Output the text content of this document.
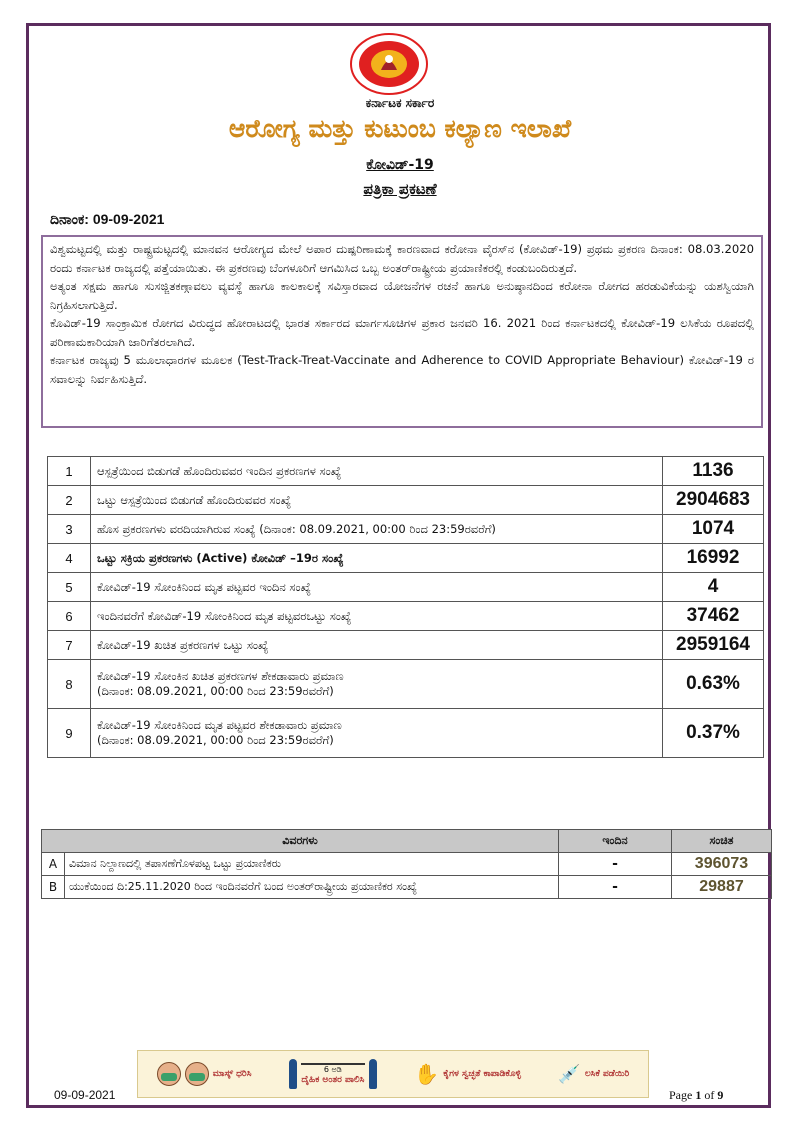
ಕರ್ನಾಟಕ ಸರ್ಕಾರ
ಆರೋಗ್ಯ ಮತ್ತು ಕುಟುಂಬ ಕಲ್ಯಾಣ ಇಲಾಖೆ
ಕೋವಿಡ್-19
ಪತ್ರಿಕಾ ಪ್ರಕಟಣೆ
ದಿನಾಂಕ: 09-09-2021

ವಿಶ್ವಮಟ್ಟದಲ್ಲಿ ಮತ್ತು ರಾಷ್ಟ್ರಮಟ್ಟದಲ್ಲಿ ಮಾನವನ ಆರೋಗ್ಯದ ಮೇಲೆ ಅಪಾರ ದುಷ್ಪರಿಣಾಮಕ್ಕೆ ಕಾರಣವಾದ ಕರೋನಾ ವೈರಸ್‌ನ (ಕೋವಿಡ್-19) ಪ್ರಥಮ ಪ್ರಕರಣ ದಿನಾಂಕ: 08.03.2020 ರಂದು ಕರ್ನಾಟಕ ರಾಜ್ಯದಲ್ಲಿ ಪತ್ತೆಯಾಯಿತು. ಈ ಪ್ರಕರಣವು ಬೆಂಗಳೂರಿಗೆ ಆಗಮಿಸಿದ ಒಬ್ಬ ಅಂತರ್‌ರಾಷ್ಟ್ರೀಯ ಪ್ರಯಾಣಿಕರಲ್ಲಿ ಕಂಡುಬಂದಿರುತ್ತದೆ.

ಅತ್ಯಂತ ಸಕ್ಷಮ ಹಾಗೂ ಸುಸಜ್ಜಿತಕಣ್ಗಾವಲು ವ್ಯವಸ್ಥೆ ಹಾಗೂ ಕಾಲಕಾಲಕ್ಕೆ ಸವಿಸ್ತಾರವಾದ ಯೋಜನೆಗಳ ರಚನೆ ಹಾಗೂ ಅನುಷ್ಠಾನದಿಂದ ಕರೋನಾ ರೋಗದ ಹರಡುವಿಕೆಯನ್ನು ಯಶಸ್ವಿಯಾಗಿ ನಿಗ್ರಹಿಸಲಾಗುತ್ತಿದೆ.

ಕೊವಿಡ್-19 ಸಾಂಕ್ರಾಮಿಕ ರೋಗದ ವಿರುದ್ಧದ ಹೋರಾಟದಲ್ಲಿ ಭಾರತ ಸರ್ಕಾರದ ಮಾರ್ಗಸೂಚಿಗಳ ಪ್ರಕಾರ ಜನವರಿ 16. 2021 ರಿಂದ ಕರ್ನಾಟಕದಲ್ಲಿ ಕೋವಿಡ್-19 ಲಸಿಕೆಯ ರೂಪದಲ್ಲಿ ಪರಿಣಾಮಕಾರಿಯಾಗಿ ಜಾರಿಗೆತರಲಾಗಿದೆ.

ಕರ್ನಾಟಕ ರಾಜ್ಯವು 5 ಮೂಲಾಧಾರಗಳ ಮೂಲಕ (Test-Track-Treat-Vaccinate and Adherence to COVID Appropriate Behaviour) ಕೋವಿಡ್-19 ರ ಸವಾಲನ್ನು ನಿರ್ವಹಿಸುತ್ತಿದೆ.

1	ಆಸ್ಪತ್ರೆಯಿಂದ ಬಿಡುಗಡೆ ಹೊಂದಿರುವವರ ಇಂದಿನ ಪ್ರಕರಣಗಳ ಸಂಖ್ಯೆ	1136
2	ಒಟ್ಟು ಆಸ್ಪತ್ರೆಯಿಂದ ಬಿಡುಗಡೆ ಹೊಂದಿರುವವರ ಸಂಖ್ಯೆ	2904683
3	ಹೊಸ ಪ್ರಕರಣಗಳು ವರದಿಯಾಗಿರುವ ಸಂಖ್ಯೆ (ದಿನಾಂಕ: 08.09.2021, 00:00 ರಿಂದ 23:59ರವರೆಗೆ)	1074
4	ಒಟ್ಟು ಸಕ್ರಿಯ ಪ್ರಕರಣಗಳು (Active) ಕೋವಿಡ್ –19ರ ಸಂಖ್ಯೆ	16992
5	ಕೋವಿಡ್-19 ಸೋಂಕಿನಿಂದ ಮೃತ ಪಟ್ಟವರ ಇಂದಿನ ಸಂಖ್ಯೆ	4
6	ಇಂದಿನವರೆಗೆ ಕೋವಿಡ್-19 ಸೋಂಕಿನಿಂದ ಮೃತ ಪಟ್ಟವರಒಟ್ಟು ಸಂಖ್ಯೆ	37462
7	ಕೋವಿಡ್-19 ಖಚಿತ ಪ್ರಕರಣಗಳ ಒಟ್ಟು ಸಂಖ್ಯೆ	2959164
8	ಕೋವಿಡ್-19 ಸೋಂಕಿನ ಖಚಿತ ಪ್ರಕರಣಗಳ ಶೇಕಡಾವಾರು ಪ್ರಮಾಣ
(ದಿನಾಂಕ: 08.09.2021, 00:00 ರಿಂದ 23:59ರವರೆಗೆ)	0.63%
9	ಕೋವಿಡ್-19 ಸೋಂಕಿನಿಂದ ಮೃತ ಪಟ್ಟವರ ಶೇಕಡಾವಾರು ಪ್ರಮಾಣ
(ದಿನಾಂಕ: 08.09.2021, 00:00 ರಿಂದ 23:59ರವರೆಗೆ)	0.37%
ವಿವರಗಳು		ಇಂದಿನ	ಸಂಚಿತ
A	ವಿಮಾನ ನಿಲ್ದಾಣದಲ್ಲಿ ತಪಾಸಣೆಗೊಳಪಟ್ಟ ಒಟ್ಟು ಪ್ರಯಾಣಿಕರು	-	396073
B	ಯುಕೆಯಿಂದ ದಿ:25.11.2020 ರಿಂದ ಇಂದಿನವರೆಗೆ ಬಂದ ಅಂತರ್‌ರಾಷ್ಟ್ರೀಯ ಪ್ರಯಾಣಿಕರ ಸಂಖ್ಯೆ	-	29887
ಮಾಸ್ಕ್ ಧರಿಸಿ	6 ಅಡಿ
ದೈಹಿಕ ಅಂತರ ಪಾಲಿಸಿ ✋ ಕೈಗಳ ಸ್ವಚ್ಛತೆ ಕಾಪಾಡಿಕೊಳ್ಳಿ 💉 ಲಸಿಕೆ ಪಡೆಯಿರಿ
09-09-2021	Page 1 of 9
